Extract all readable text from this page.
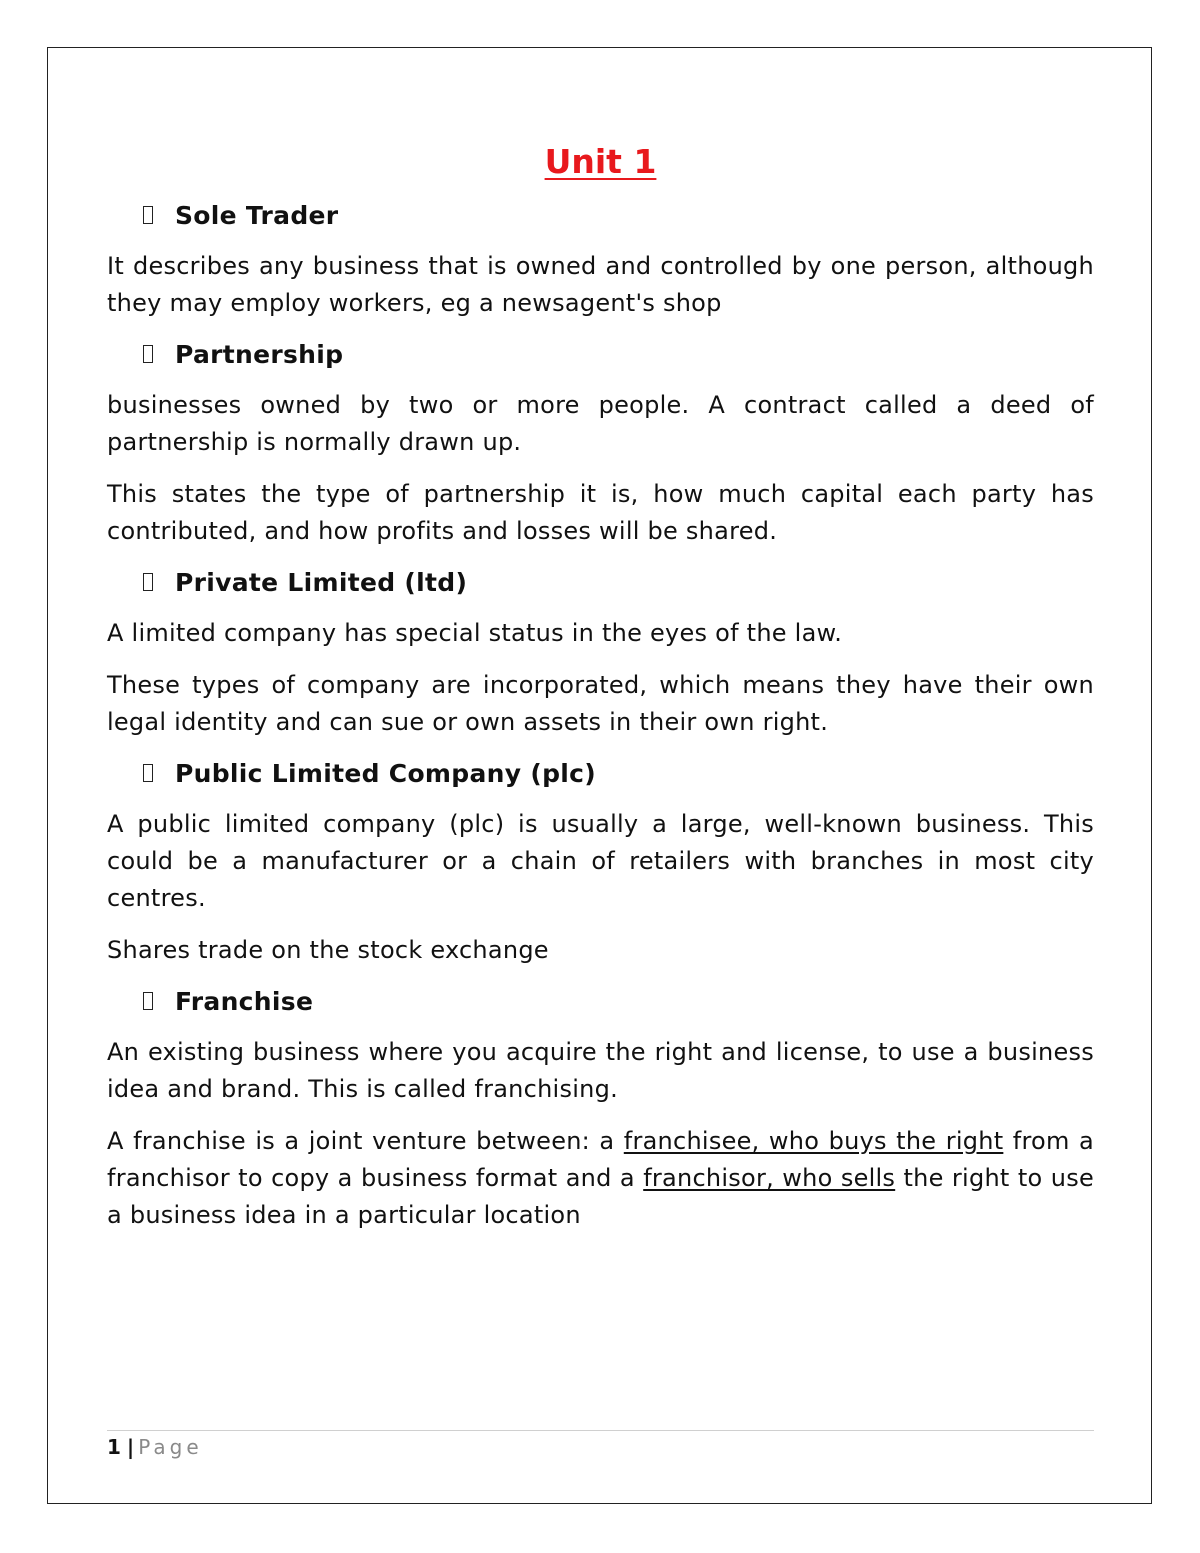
Unit 1
Sole Trader

It describes any business that is owned and controlled by one person, although they may employ workers, eg a newsagent's shop

Partnership

businesses owned by two or more people. A contract called a deed of partnership is normally drawn up.

This states the type of partnership it is, how much capital each party has contributed, and how profits and losses will be shared.

Private Limited (ltd)

A limited company has special status in the eyes of the law.

These types of company are incorporated, which means they have their own legal identity and can sue or own assets in their own right.

Public Limited Company (plc)

A public limited company (plc) is usually a large, well-known business. This could be a manufacturer or a chain of retailers with branches in most city centres.

Shares trade on the stock exchange

Franchise

An existing business where you acquire the right and license, to use a business idea and brand. This is called franchising.

A franchise is a joint venture between: a franchisee, who buys the right from a franchisor to copy a business format and a franchisor, who sells the right to use a business idea in a particular location

1 | Page
